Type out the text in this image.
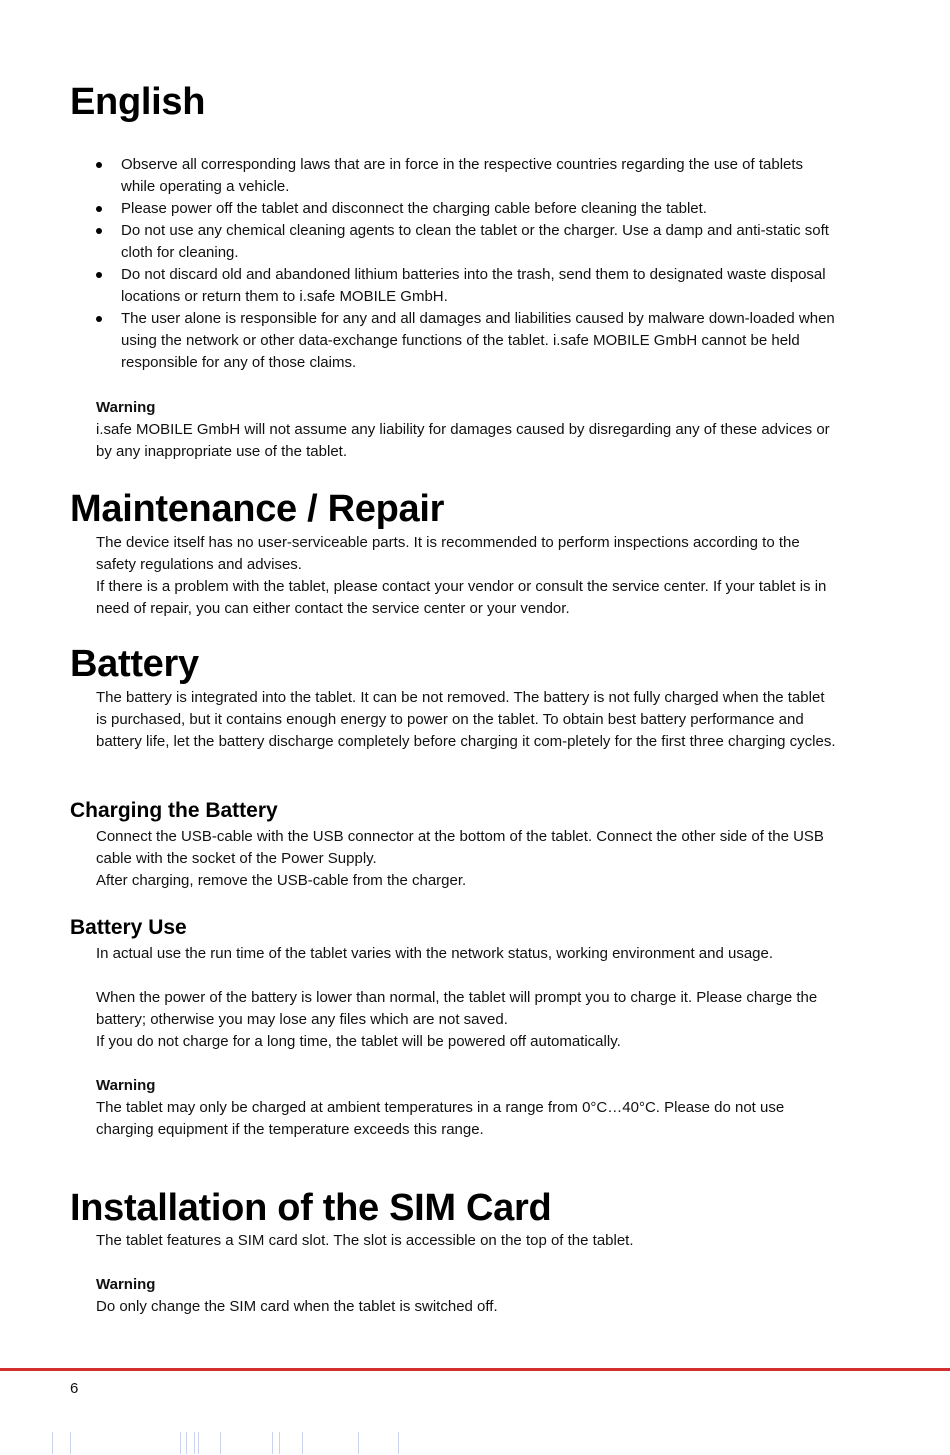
English
Observe all corresponding laws that are in force in the respective countries regarding the use of tablets while operating a vehicle.
Please power off the tablet and disconnect the charging cable before cleaning the tablet.
Do not use any chemical cleaning agents to clean the tablet or the charger. Use a damp and anti-static soft cloth for cleaning.
Do not discard old and abandoned lithium batteries into the trash, send them to designated waste disposal locations or return them to i.safe MOBILE GmbH.
The user alone is responsible for any and all damages and liabilities caused by malware down-loaded when using the network or other data-exchange functions of the tablet. i.safe MOBILE GmbH cannot be held responsible for any of those claims.

Warning

i.safe MOBILE GmbH will not assume any liability for damages caused by disregarding any of these advices or by any inappropriate use of the tablet.

Maintenance / Repair

The device itself has no user-serviceable parts. It is recommended to perform inspections according to the safety regulations and advises.

If there is a problem with the tablet, please contact your vendor or consult the service center. If your tablet is in need of repair, you can either contact the service center or your vendor.

Battery

The battery is integrated into the tablet. It can be not removed. The battery is not fully charged when the tablet is purchased, but it contains enough energy to power on the tablet. To obtain best battery performance and battery life, let the battery discharge completely before charging it com-pletely for the first three charging cycles.

Charging the Battery

Connect the USB-cable with the USB connector at the bottom of the tablet. Connect the other side of the USB cable with the socket of the Power Supply.

After charging, remove the USB-cable from the charger.

Battery Use

In actual use the run time of the tablet varies with the network status, working environment and usage.

When the power of the battery is lower than normal, the tablet will prompt you to charge it. Please charge the battery; otherwise you may lose any files which are not saved.

If you do not charge for a long time, the tablet will be powered off automatically.

Warning

The tablet may only be charged at ambient temperatures in a range from 0°C…40°C. Please do not use charging equipment if the temperature exceeds this range.

Installation of the SIM Card

The tablet features a SIM card slot. The slot is accessible on the top of the tablet.

Warning

Do only change the SIM card when the tablet is switched off.

6
